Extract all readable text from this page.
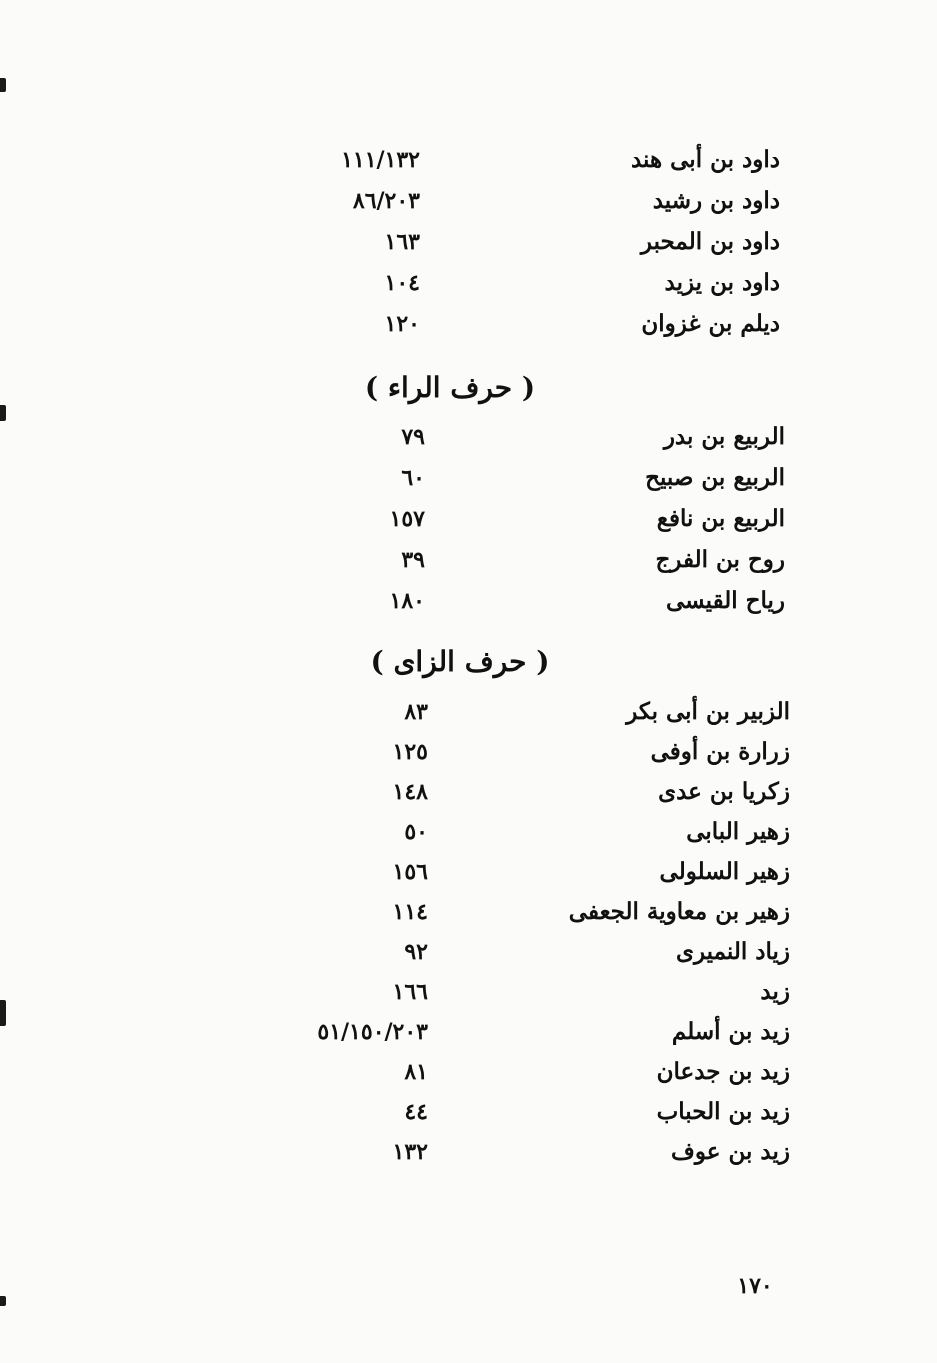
داود بن أبى هند
١١١/١٣٢
داود بن رشيد
٨٦/٢٠٣
داود بن المحبر
١٦٣
داود بن يزيد
١٠٤
ديلم بن غزوان
١٢٠
( حرف الراء )
الربيع بن بدر
٧٩
الربيع بن صبيح
٦٠
الربيع بن نافع
١٥٧
روح بن الفرج
٣٩
رياح القيسى
١٨٠
( حرف الزاى )
الزبير بن أبى بكر
٨٣
زرارة بن أوفى
١٢٥
زكريا بن عدى
١٤٨
زهير البابى
٥٠
زهير السلولى
١٥٦
زهير بن معاوية الجعفى
١١٤
زياد النميرى
٩٢
زيد
١٦٦
زيد بن أسلم
٥١/١٥٠/٢٠٣
زيد بن جدعان
٨١
زيد بن الحباب
٤٤
زيد بن عوف
١٣٢
١٧٠
